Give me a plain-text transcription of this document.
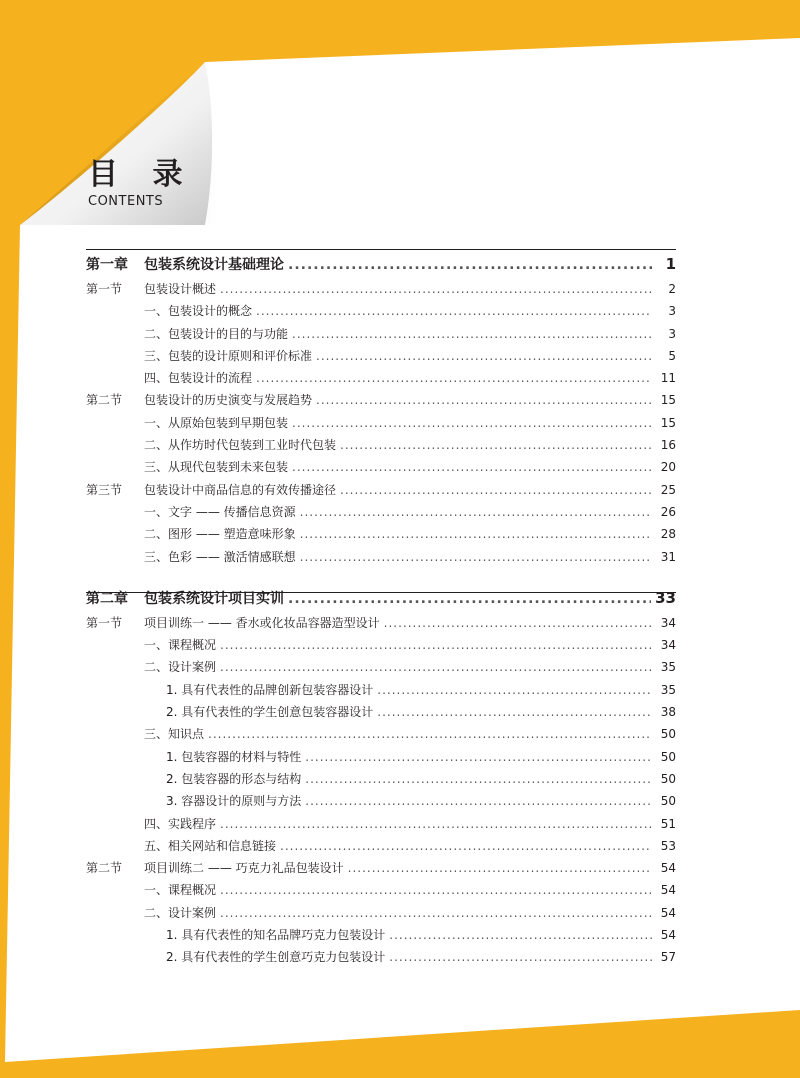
目 录
CONTENTS
第一章	包装系统设计基础理论 .....	1
第一节	包装设计概述 .....	2
一、包装设计的概念 .....	3
二、包装设计的目的与功能 .....	3
三、包装的设计原则和评价标准 .....	5
四、包装设计的流程 .....	11
第二节	包装设计的历史演变与发展趋势 .....	15
一、从原始包装到早期包装 .....	15
二、从作坊时代包装到工业时代包装 .....	16
三、从现代包装到未来包装 .....	20
第三节	包装设计中商品信息的有效传播途径 .....	25
一、文字 —— 传播信息资源 .....	26
二、图形 —— 塑造意味形象 .....	28
三、色彩 —— 激活情感联想 .....	31
第二章	包装系统设计项目实训 .....	33
第一节	项目训练一 —— 香水或化妆品容器造型设计 .....	34
一、课程概况 .....	34
二、设计案例 .....	35
1. 具有代表性的品牌创新包装容器设计 .....	35
2. 具有代表性的学生创意包装容器设计 .....	38
三、知识点 .....	50
1. 包装容器的材料与特性 .....	50
2. 包装容器的形态与结构 .....	50
3. 容器设计的原则与方法 .....	50
四、实践程序 .....	51
五、相关网站和信息链接 .....	53
第二节	项目训练二 —— 巧克力礼品包装设计 .....	54
一、课程概况 .....	54
二、设计案例 .....	54
1. 具有代表性的知名品牌巧克力包装设计 .....	54
2. 具有代表性的学生创意巧克力包装设计 .....	57
